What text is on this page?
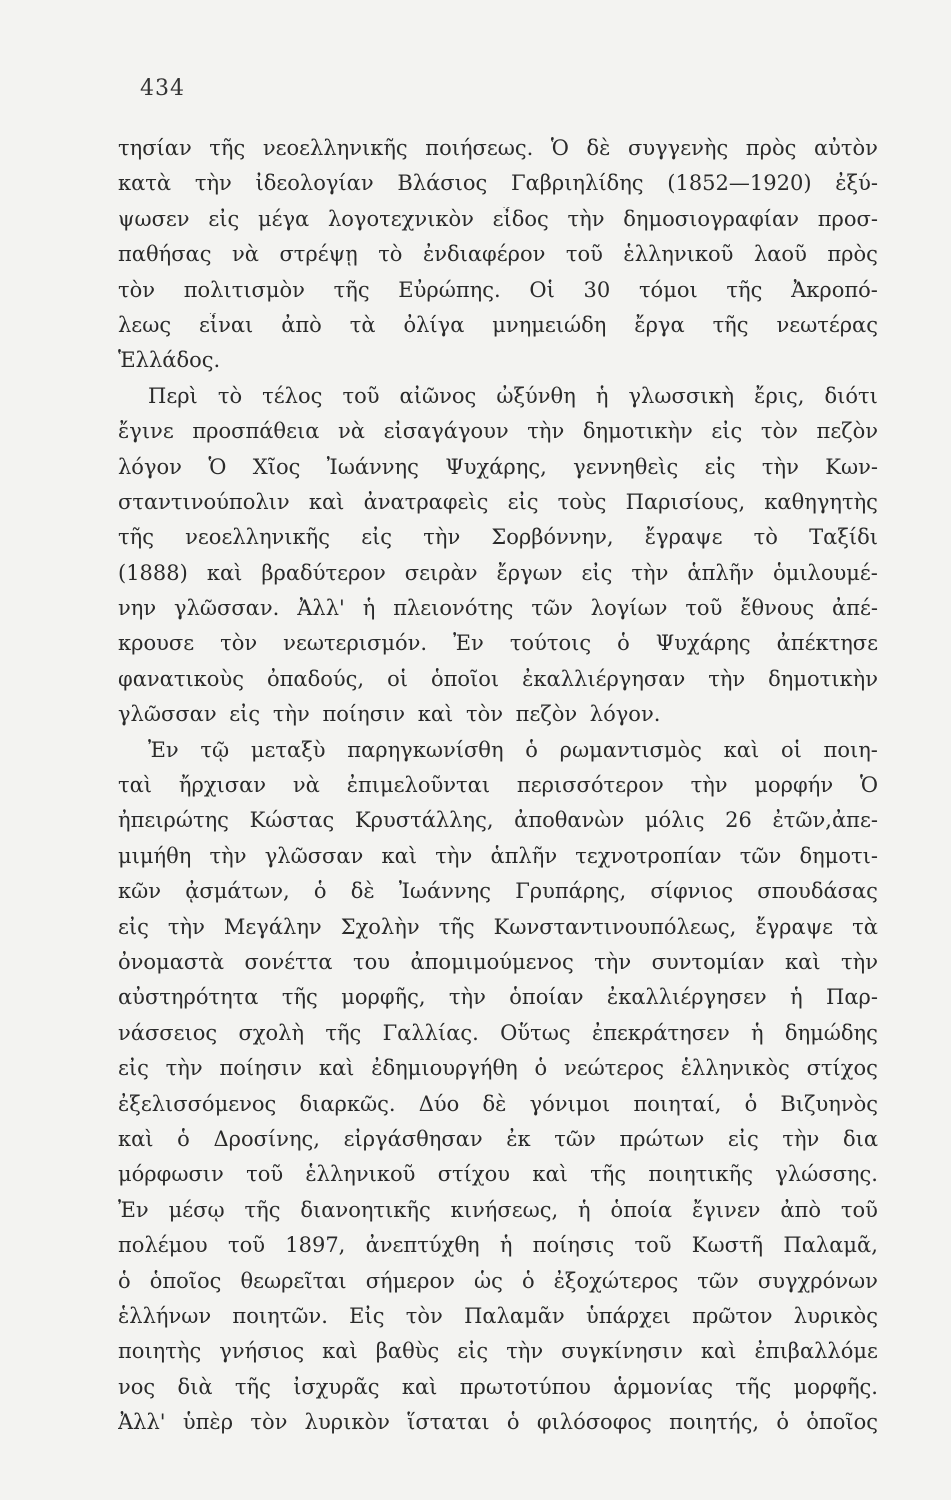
434
τησίαν τῆς νεοελληνικῆς ποιήσεως. Ὁ δὲ συγγενὴς πρὸς αὐτὸν
κατὰ τὴν ἰδεολογίαν Βλάσιος Γαβριηλίδης (1852—1920) ἐξύ-
ψωσεν εἰς μέγα λογοτεχνικὸν εἶδος τὴν δημοσιογραφίαν προσ-
παθήσας νὰ στρέψῃ τὸ ἐνδιαφέρον τοῦ ἑλληνικοῦ λαοῦ πρὸς
τὸν πολιτισμὸν τῆς Εὐρώπης. Οἱ 30 τόμοι τῆς Ἀκροπό-
λεως εἶναι ἀπὸ τὰ ὀλίγα μνημειώδη ἔργα τῆς νεωτέρας
Ἑλλάδος.
Περὶ τὸ τέλος τοῦ αἰῶνος ὠξύνθη ἡ γλωσσικὴ ἔρις, διότι
ἔγινε προσπάθεια νὰ εἰσαγάγουν τὴν δημοτικὴν εἰς τὸν πεζὸν
λόγον Ὁ Χῖος Ἰωάννης Ψυχάρης, γεννηθεὶς εἰς τὴν Κων-
σταντινούπολιν καὶ ἀνατραφεὶς εἰς τοὺς Παρισίους, καθηγητὴς
τῆς νεοελληνικῆς εἰς τὴν Σορβόννην, ἔγραψε τὸ Ταξίδι
(1888) καὶ βραδύτερον σειρὰν ἔργων εἰς τὴν ἁπλῆν ὁμιλουμέ-
νην γλῶσσαν. Ἀλλ' ἡ πλειονότης τῶν λογίων τοῦ ἔθνους ἀπέ-
κρουσε τὸν νεωτερισμόν. Ἐν τούτοις ὁ Ψυχάρης ἀπέκτησε
φανατικοὺς ὀπαδούς, οἱ ὁποῖοι ἐκαλλιέργησαν τὴν δημοτικὴν
γλῶσσαν εἰς τὴν ποίησιν καὶ τὸν πεζὸν λόγον.
Ἐν τῷ μεταξὺ παρηγκωνίσθη ὁ ρωμαντισμὸς καὶ οἱ ποιη-
ταὶ ἤρχισαν νὰ ἐπιμελοῦνται περισσότερον τὴν μορφήν Ὁ
ἠπειρώτης Κώστας Κρυστάλλης, ἀποθανὼν μόλις 26 ἐτῶν,ἀπε-
μιμήθη τὴν γλῶσσαν καὶ τὴν ἁπλῆν τεχνοτροπίαν τῶν δημοτι-
κῶν ᾀσμάτων, ὁ δὲ Ἰωάννης Γρυπάρης, σίφνιος σπουδάσας
εἰς τὴν Μεγάλην Σχολὴν τῆς Κωνσταντινουπόλεως, ἔγραψε τὰ
ὀνομαστὰ σονέττα του ἀπομιμούμενος τὴν συντομίαν καὶ τὴν
αὐστηρότητα τῆς μορφῆς, τὴν ὁποίαν ἐκαλλιέργησεν ἡ Παρ-
νάσσειος σχολὴ τῆς Γαλλίας. Οὕτως ἐπεκράτησεν ἡ δημώδης
εἰς τὴν ποίησιν καὶ ἐδημιουργήθη ὁ νεώτερος ἑλληνικὸς στίχος
ἐξελισσόμενος διαρκῶς. Δύο δὲ γόνιμοι ποιηταί, ὁ Βιζυηνὸς
καὶ ὁ Δροσίνης, εἰργάσθησαν ἐκ τῶν πρώτων εἰς τὴν δια
μόρφωσιν τοῦ ἑλληνικοῦ στίχου καὶ τῆς ποιητικῆς γλώσσης.
Ἐν μέσῳ τῆς διανοητικῆς κινήσεως, ἡ ὁποία ἔγινεν ἀπὸ τοῦ
πολέμου τοῦ 1897, ἀνεπτύχθη ἡ ποίησις τοῦ Κωστῆ Παλαμᾶ,
ὁ ὁποῖος θεωρεῖται σήμερον ὡς ὁ ἐξοχώτερος τῶν συγχρόνων
ἑλλήνων ποιητῶν. Εἰς τὸν Παλαμᾶν ὑπάρχει πρῶτον λυρικὸς
ποιητὴς γνήσιος καὶ βαθὺς εἰς τὴν συγκίνησιν καὶ ἐπιβαλλόμε
νος διὰ τῆς ἰσχυρᾶς καὶ πρωτοτύπου ἁρμονίας τῆς μορφῆς.
Ἀλλ' ὑπὲρ τὸν λυρικὸν ἵσταται ὁ φιλόσοφος ποιητής, ὁ ὁποῖος
